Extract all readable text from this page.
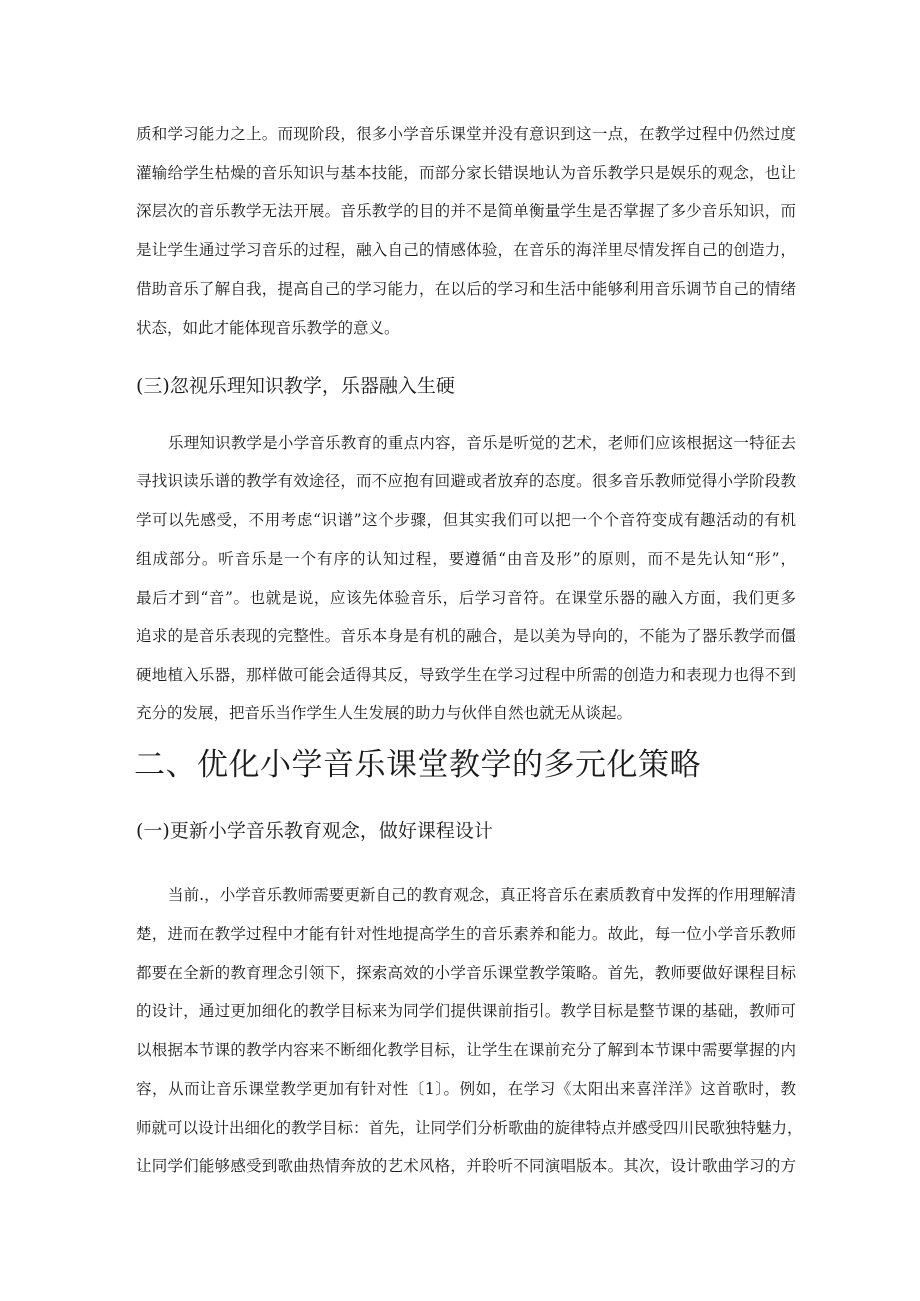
质和学习能力之上。而现阶段，很多小学音乐课堂并没有意识到这一点，在教学过程中仍然过度
灌输给学生枯燥的音乐知识与基本技能，而部分家长错误地认为音乐教学只是娱乐的观念，也让
深层次的音乐教学无法开展。音乐教学的目的并不是简单衡量学生是否掌握了多少音乐知识，而
是让学生通过学习音乐的过程，融入自己的情感体验，在音乐的海洋里尽情发挥自己的创造力，
借助音乐了解自我，提高自己的学习能力，在以后的学习和生活中能够利用音乐调节自己的情绪
状态，如此才能体现音乐教学的意义。
(三)忽视乐理知识教学，乐器融入生硬
乐理知识教学是小学音乐教育的重点内容，音乐是听觉的艺术，老师们应该根据这一特征去
寻找识读乐谱的教学有效途径，而不应抱有回避或者放弃的态度。很多音乐教师觉得小学阶段教
学可以先感受，不用考虑“识谱”这个步骤，但其实我们可以把一个个音符变成有趣活动的有机
组成部分。听音乐是一个有序的认知过程，要遵循“由音及形”的原则，而不是先认知“形”，
最后才到“音”。也就是说，应该先体验音乐，后学习音符。在课堂乐器的融入方面，我们更多
追求的是音乐表现的完整性。音乐本身是有机的融合，是以美为导向的，不能为了器乐教学而僵
硬地植入乐器，那样做可能会适得其反，导致学生在学习过程中所需的创造力和表现力也得不到
充分的发展，把音乐当作学生人生发展的助力与伙伴自然也就无从谈起。
二、优化小学音乐课堂教学的多元化策略
(一)更新小学音乐教育观念，做好课程设计
当前.，小学音乐教师需要更新自己的教育观念，真正将音乐在素质教育中发挥的作用理解清
楚，进而在教学过程中才能有针对性地提高学生的音乐素养和能力。故此，每一位小学音乐教师
都要在全新的教育理念引领下，探索高效的小学音乐课堂教学策略。首先，教师要做好课程目标
的设计，通过更加细化的教学目标来为同学们提供课前指引。教学目标是整节课的基础，教师可
以根据本节课的教学内容来不断细化教学目标，让学生在课前充分了解到本节课中需要掌握的内
容，从而让音乐课堂教学更加有针对性〔1〕。例如，在学习《太阳出来喜洋洋》这首歌时，教
师就可以设计出细化的教学目标：首先，让同学们分析歌曲的旋律特点并感受四川民歌独特魅力，
让同学们能够感受到歌曲热情奔放的艺术风格，并聆听不同演唱版本。其次，设计歌曲学习的方
